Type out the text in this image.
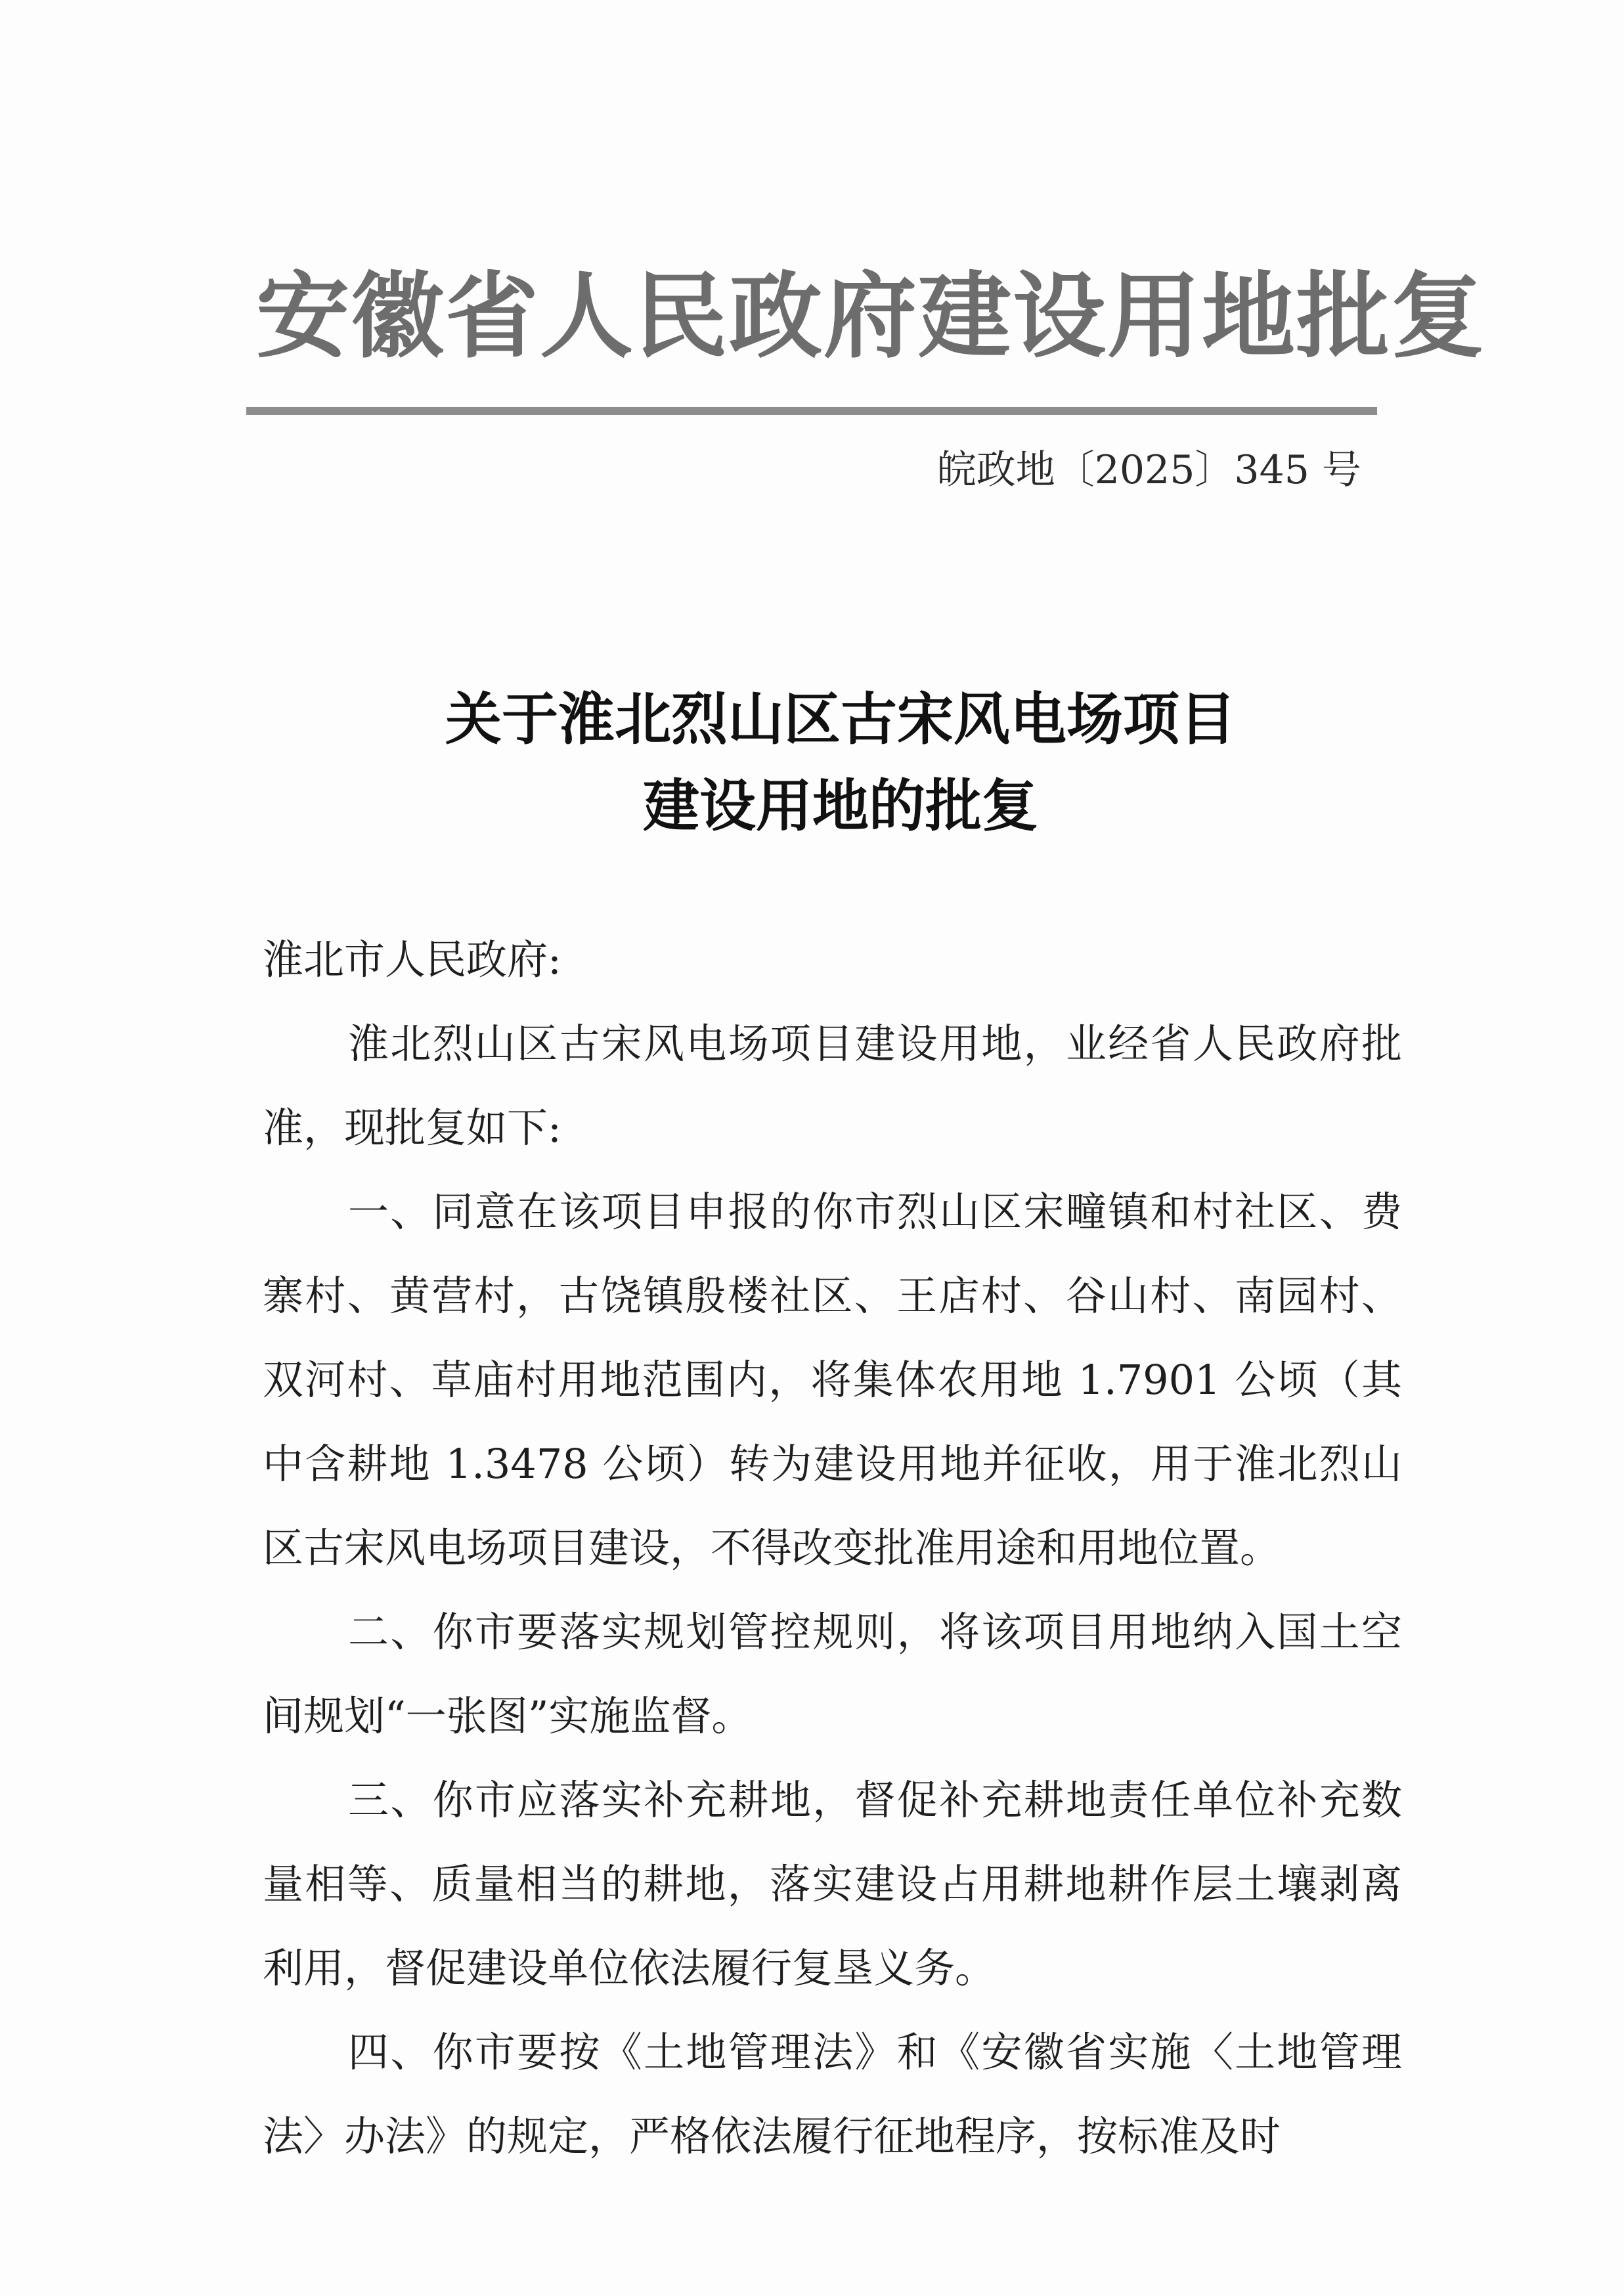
安徽省人民政府建设用地批复
皖政地〔2025〕345 号
关于淮北烈山区古宋风电场项目
建设用地的批复

淮北市人民政府:

淮北烈山区古宋风电场项目建设用地，业经省人民政府批准，现批复如下:

一、同意在该项目申报的你市烈山区宋疃镇和村社区、费寨村、黄营村，古饶镇殷楼社区、王店村、谷山村、南园村、双河村、草庙村用地范围内，将集体农用地 1.7901 公顷（其中含耕地 1.3478 公顷）转为建设用地并征收，用于淮北烈山区古宋风电场项目建设，不得改变批准用途和用地位置。

二、你市要落实规划管控规则，将该项目用地纳入国土空间规划“一张图”实施监督。

三、你市应落实补充耕地，督促补充耕地责任单位补充数量相等、质量相当的耕地，落实建设占用耕地耕作层土壤剥离利用，督促建设单位依法履行复垦义务。

四、你市要按《土地管理法》和《安徽省实施〈土地管理法〉办法》的规定，严格依法履行征地程序，按标准及时
